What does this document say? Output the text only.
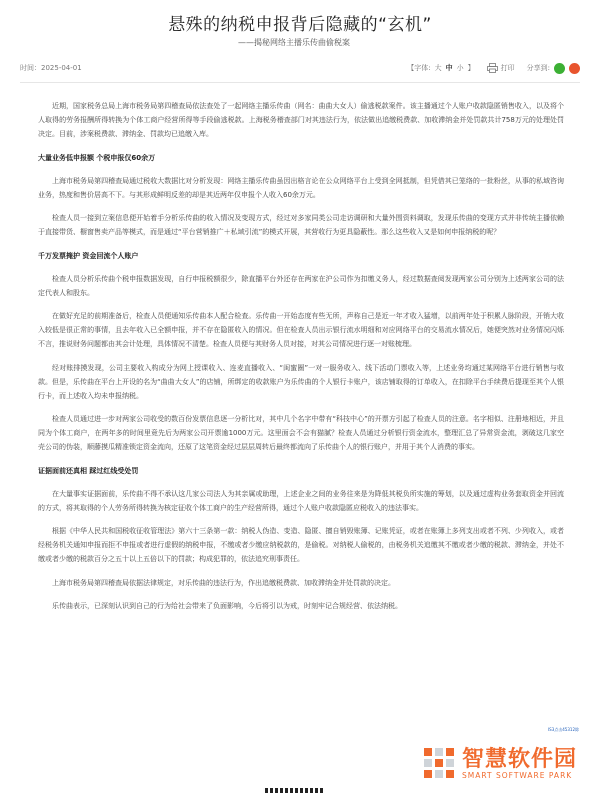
悬殊的纳税申报背后隐藏的“玄机”
——揭秘网络主播乐传曲偷税案
时间：2025-04-01	【字体: 大 中 小 】	打印 分享到:

近期，国家税务总局上海市税务局第四稽查局依法查处了一起网络主播乐传曲（网名：曲曲大女人）偷逃税款案件。该主播通过个人账户收款隐匿销售收入，以及将个人取得的劳务报酬所得转换为个体工商户经营所得等手段偷逃税款。上海税务稽查部门对其违法行为，依法做出追缴税费款、加收滞纳金并处罚款共计758万元的处理处罚决定。目前，涉案税费款、滞纳金、罚款均已追缴入库。

大量业务低申报额 个税申报仅60余万

上海市税务局第四稽查局通过税收大数据比对分析发现：网络主播乐传曲虽因出格言论在公众网络平台上受到全网抵制，但凭借其已笼络的一批粉丝，从事的私域咨询业务，热度和售价居高不下。与其形成鲜明反差的却是其近两年仅申报个人收入60余万元。

检查人员一接到立案信息便开始着手分析乐传曲的收入情况及变现方式，经过对多家同类公司走访调研和大量外围资料调取，发现乐传曲的变现方式并非传统主播依赖于直接带货、橱窗售卖产品等模式，而是通过“平台营销推广＋私域引流”的模式开展，其营收行为更具隐蔽性。那么这些收入又是如何申报纳税的呢？

千万发票掩护 资金回流个人账户

检查人员分析乐传曲个税申报数据发现，自行申报税额很少，除直播平台外还存在两家在沪公司作为扣缴义务人，经过数据查阅发现两家公司分别为上述两家公司的法定代表人和股东。

在做好充足的前期准备后，检查人员便通知乐传曲本人配合检查。乐传曲一开始态度有些无所，声称自己是近一年才收入猛增，以前两年处于积累人脉阶段，开销大收入较低是很正常的事情，且去年收入已全额申报，并不存在隐匿收入的情况。但在检查人员出示银行流水明细和对应网络平台的交易流水情况后，她便突然对业务情况闪烁不言，推说财务问题都由其会计处理，具体情况不清楚。检查人员便与其财务人员对接，对其公司情况进行逐一对账梳理。

经对账排摸发现，公司主要收入构成分为网上授课收入、连麦直播收入、“闺蜜圈”一对一服务收入、线下活动门票收入等，上述业务均通过某网络平台进行销售与收款。但是，乐传曲在平台上开设的名为“曲曲大女人”的店铺，所绑定的收款账户为乐传曲的个人银行卡账户，该店铺取得的订单收入，在扣除平台手续费后提现至其个人银行卡，而上述收入均未申报纳税。

检查人员通过进一步对两家公司收受的数百份发票信息逐一分析比对，其中几个名字中带有“科技中心”的开票方引起了检查人员的注意。名字相似、注册地相近，并且同为个体工商户，在两年多的时间里竟先后为两家公司开票逾1000万元。这里面会不会有猫腻？检查人员通过分析银行资金流水，整理汇总了异常资金流，剥破这几家空壳公司的伪装，顺藤摸瓜精准锁定资金流向，还原了这笔资金经过层层周转后最终都流向了乐传曲个人的银行账户，并用于其个人消费的事实。

证据面前还真相 踩过红线受处罚

在大量事实证据面前，乐传曲不得不承认这几家公司法人为其亲属或助理，上述企业之间的业务往来是为降低其税负所实施的筹划，以及通过虚构业务套取资金并回流的方式，将其取得的个人劳务所得转换为核定征收个体工商户的生产经营所得，通过个人账户收款隐匿应税收入的违法事实。

根据《中华人民共和国税收征收管理法》第六十三条第一款：纳税人伪造、变造、隐匿、擅自销毁账簿、记账凭证，或者在账簿上多列支出或者不列、少列收入，或者经税务机关通知申报而拒不申报或者进行虚假的纳税申报，不缴或者少缴应纳税款的，是偷税。对纳税人偷税的，由税务机关追缴其不缴或者少缴的税款、滞纳金，并处不缴或者少缴的税款百分之五十以上五倍以下的罚款；构成犯罪的，依法追究刑事责任。

上海市税务局第四稽查局依据法律规定，对乐传曲的违法行为，作出追缴税费款、加收滞纳金并处罚款的决定。

乐传曲表示，已深刻认识到自己的行为给社会带来了负面影响，今后将引以为戒，时刻牢记合规经营、依法纳税。

IS3点击45312除
智慧软件园
SMART SOFTWARE PARK
